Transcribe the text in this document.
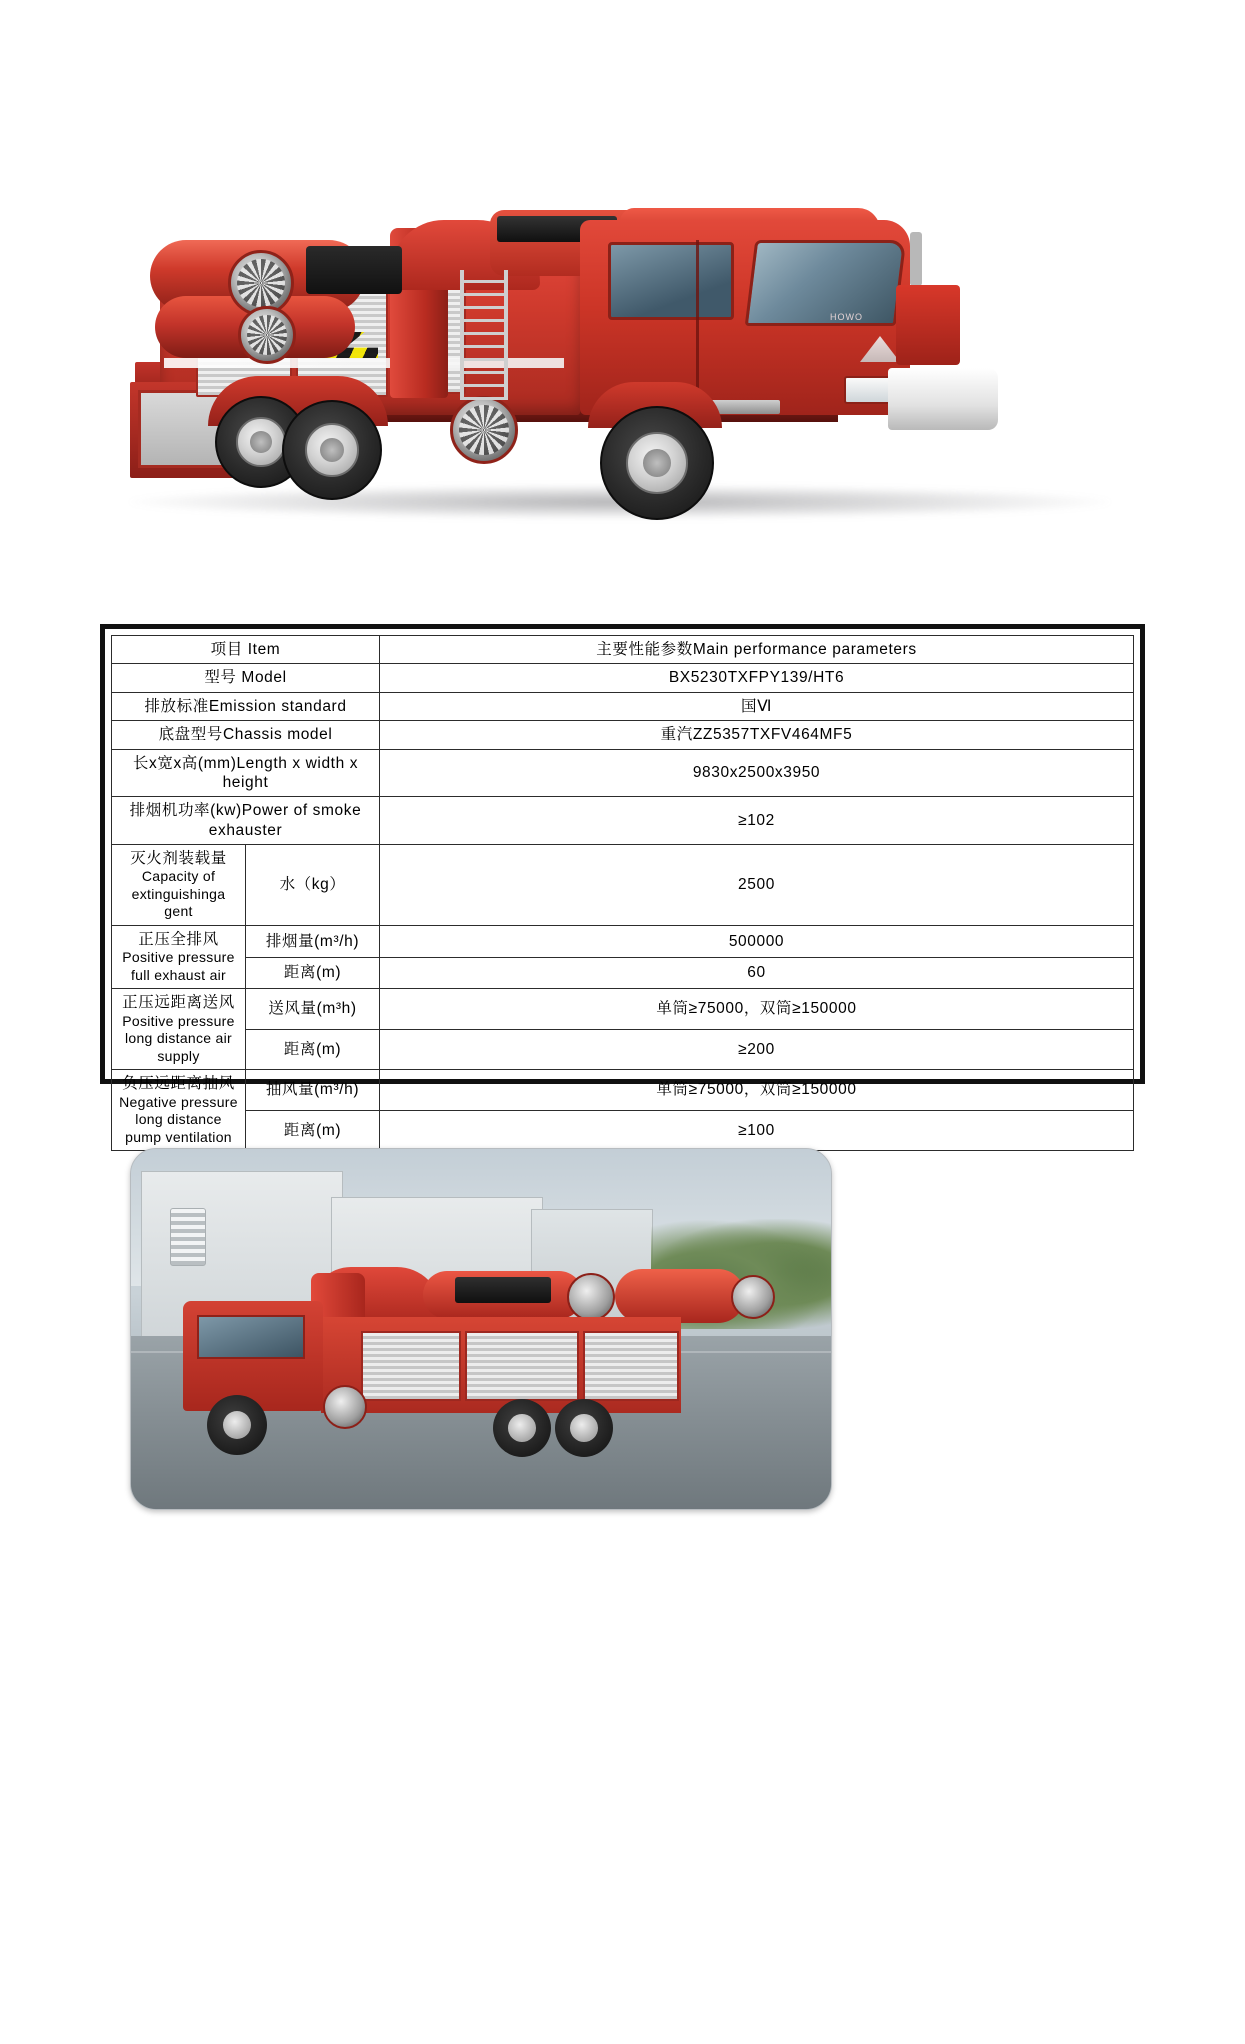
HOWO
项目 Item		主要性能参数Main performance parameters
型号 Model		BX5230TXFPY139/HT6
排放标准Emission standard		国Ⅵ
底盘型号Chassis model		重汽ZZ5357TXFV464MF5
长x宽x高(mm)Length x width x height		9830x2500x3950
排烟机功率(kw)Power of smoke exhauster		≥102
灭火剂装载量
Capacity of extinguishinga gent	水（kg）	2500
正压全排风
Positive pressure full exhaust air	排烟量(m³/h)	500000
	距离(m)	60
正压远距离送风
Positive pressure long distance air supply	送风量(m³h)	单筒≥75000，双筒≥150000
	距离(m)	≥200
负压远距离抽风
Negative pressure long distance pump ventilation	抽风量(m³/h)	单筒≥75000，双筒≥150000
	距离(m)	≥100
